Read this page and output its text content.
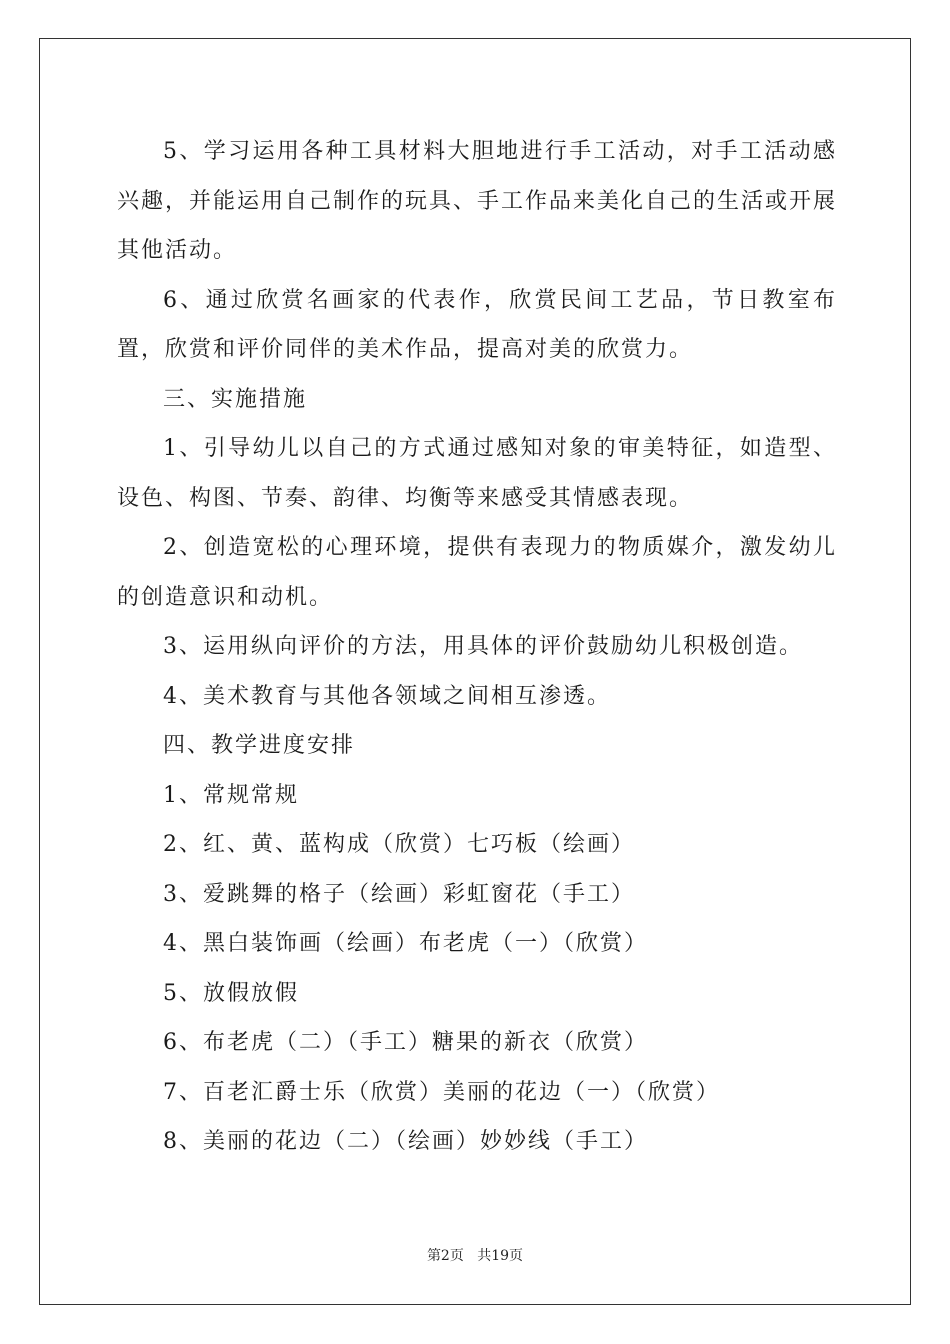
5、学习运用各种工具材料大胆地进行手工活动，对手工活动感兴趣，并能运用自己制作的玩具、手工作品来美化自己的生活或开展其他活动。

6、通过欣赏名画家的代表作，欣赏民间工艺品，节日教室布置，欣赏和评价同伴的美术作品，提高对美的欣赏力。

三、实施措施

1、引导幼儿以自己的方式通过感知对象的审美特征，如造型、设色、构图、节奏、韵律、均衡等来感受其情感表现。

2、创造宽松的心理环境，提供有表现力的物质媒介，激发幼儿的创造意识和动机。

3、运用纵向评价的方法，用具体的评价鼓励幼儿积极创造。

4、美术教育与其他各领域之间相互渗透。

四、教学进度安排

1、常规常规

2、红、黄、蓝构成（欣赏）七巧板（绘画）

3、爱跳舞的格子（绘画）彩虹窗花（手工）

4、黑白装饰画（绘画）布老虎（一）（欣赏）

5、放假放假

6、布老虎（二）（手工）糖果的新衣（欣赏）

7、百老汇爵士乐（欣赏）美丽的花边（一）（欣赏）

8、美丽的花边（二）（绘画）妙妙线（手工）

第2页 共19页
